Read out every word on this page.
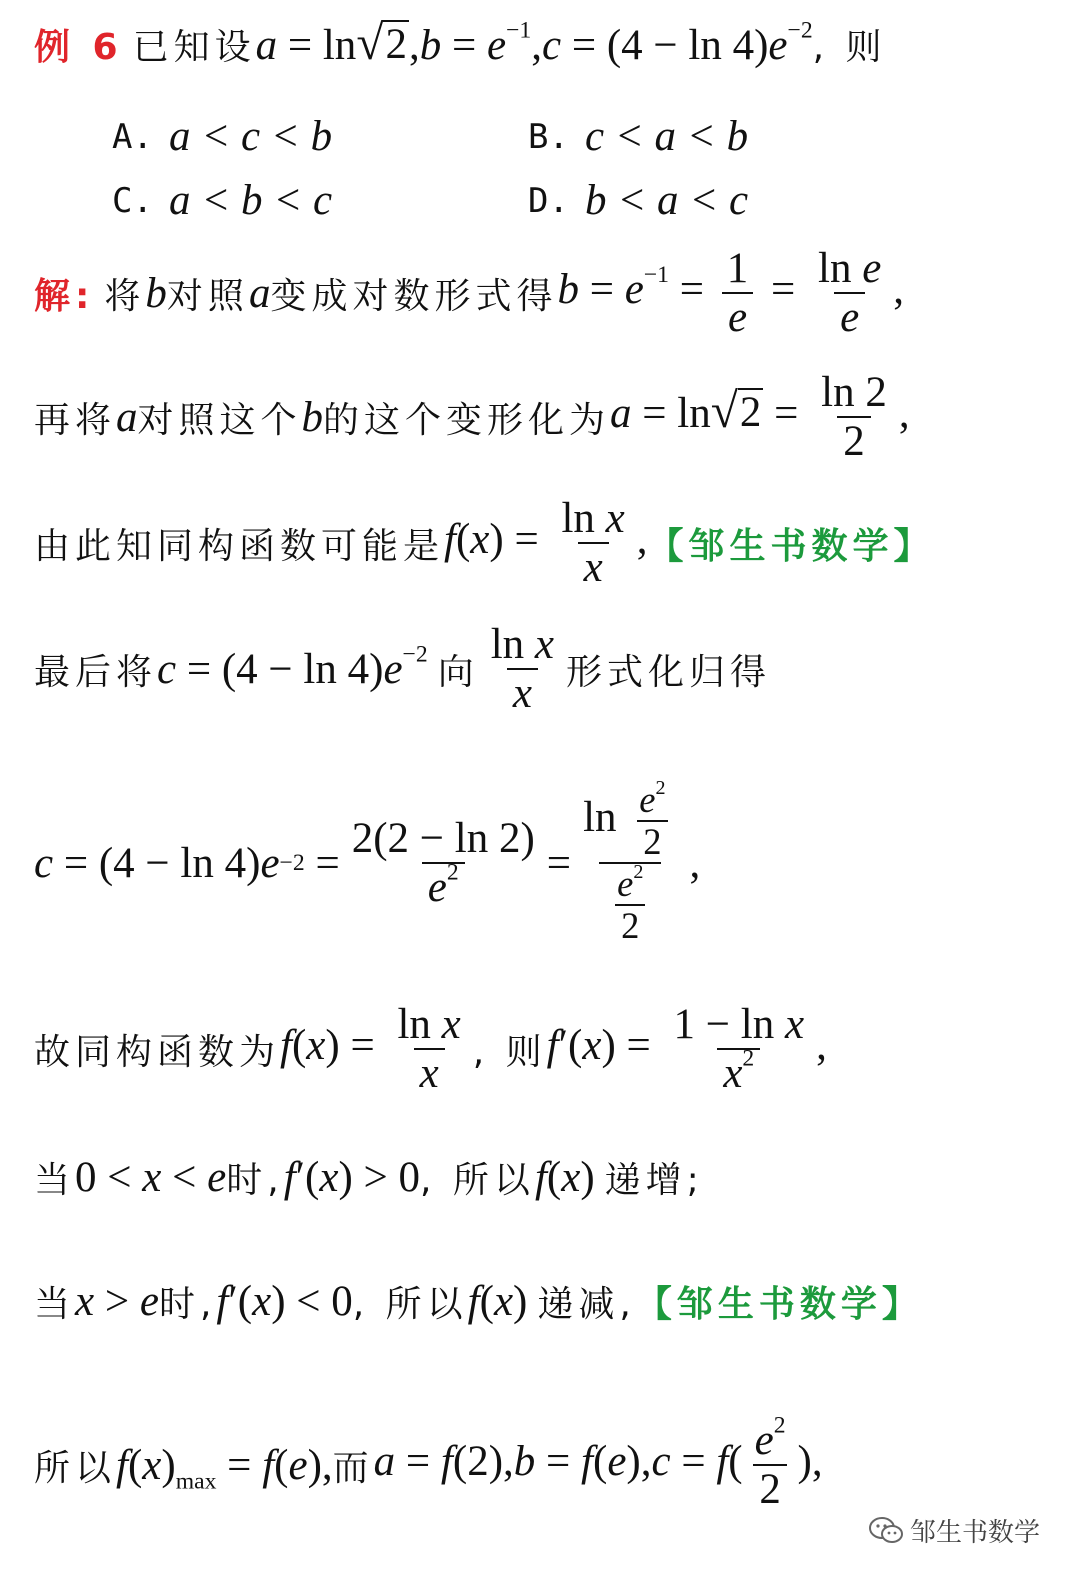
例 6 已知设 a = ln √ 2 $,b = e^{-1},c = (4 - \ln 4)e^{-2}$ , 则
A. a < c < b	B. c < a < b
C. a < b < c	D. b < a < c
解: 将 b 对照 a 变成对数形式得 $b = e^{-1} = \frac{1}{e} = \frac{\text{ln e}}{e}$ ,
再将 a 对照这个 b 的这个变形化为 a = ln √ $2 = \frac{\ln 2}{2}$ ,
由此知同构函数可能是 $f(x) = \frac{\text{ln x}}{x}$ , 【邹生书数学】
最后将 $c = (4 - \ln 4)e^{-2}$ 向 $\frac{\text{ln x}}{x}$ 形式化归得
c = (4 − ln 4) $e -2 = \frac{2(2 - \ln 2)}{e^2} = \frac{\ln \frac{e^2}{2}}{\frac{e^2}{2}}$ ,
故同构函数为 $f(x) = \frac{\text{ln x}}{x}$ , 则 $f'(x) = \frac{\text{1 − ln x}}{x^2}$ ,
当 0 < x < e 时, f′(x) > 0 , 所以 f(x) 递增;
当 x > e 时, f′(x) < 0 , 所以 f(x) 递减, 【邹生书数学】
所以 $f(x)_{max} = f(e)$, 而 $a = f(2),b = f(e),c = f( \frac{e^2}{2}$ ),
邹生书数学
